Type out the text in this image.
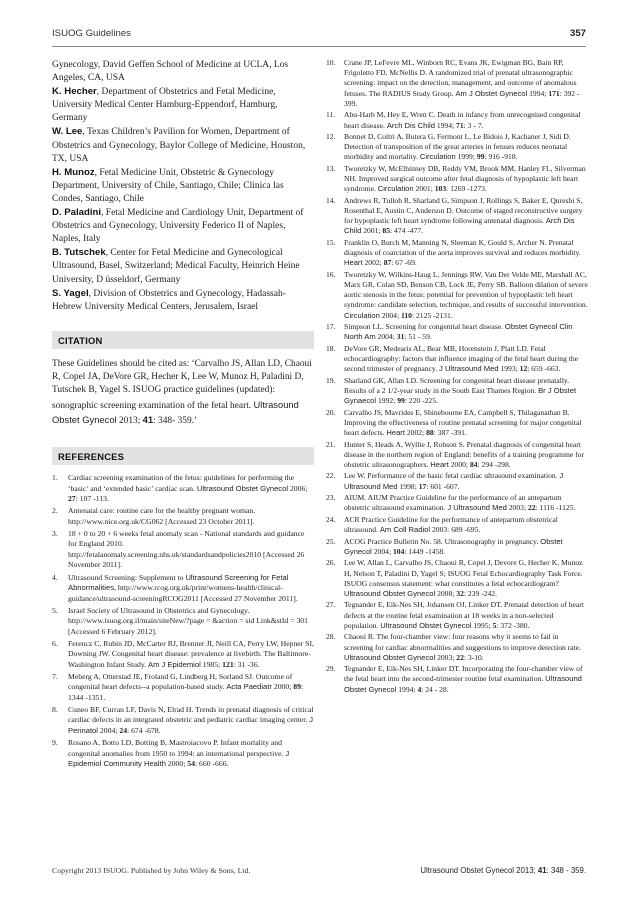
ISUOG Guidelines	357

Gynecology, David Geffen School of Medicine at UCLA, Los Angeles, CA, USA

K. Hecher, Department of Obstetrics and Fetal Medicine, University Medical Center Hamburg-Eppendorf, Hamburg, Germany

W. Lee, Texas Children’s Pavilion for Women, Department of Obstetrics and Gynecology, Baylor College of Medicine, Houston, TX, USA

H. Munoz, Fetal Medicine Unit, Obstetric & Gynecology Department, University of Chile, Santiago, Chile; Clinica las Condes, Santiago, Chile

D. Paladini, Fetal Medicine and Cardiology Unit, Department of Obstetrics and Gynecology, University Federico II of Naples, Naples, Italy

B. Tutschek, Center for Fetal Medicine and Gynecological Ultrasound, Basel, Switzerland; Medical Faculty, Heinrich Heine University, D üsseldorf, Germany

S. Yagel, Division of Obstetrics and Gynecology, Hadassah-Hebrew University Medical Centers, Jerusalem, Israel

CITATION

These Guidelines should be cited as: ‘Carvalho JS, Allan LD, Chaoui R, Copel JA, DeVore GR, Hecher K, Lee W, Munoz H, Paladini D, Tutschek B, Yagel S. ISUOG practice guidelines (updated): sonographic screening examination of the fetal heart. Ultrasound Obstet Gynecol 2013; 41: 348- 359.’

REFERENCES
1.	Cardiac screening examination of the fetus: guidelines for performing the ‘basic’ and ‘extended basic’ cardiac scan. Ultrasound Obstet Gynecol 2006; 27: 107 -113.
2.	Antenatal care: routine care for the healthy pregnant woman. http://www.nice.org.uk/CG062 [Accessed 23 October 2011].
3.	18 + 0 to 20 + 6 weeks fetal anomaly scan - National standards and guidance for England 2010. http://fetalanomaly.screening.nhs.uk/standardsandpolicies2010 [Accessed 26 November 2011].
4.	Ultrasound Screening: Supplement to Ultrasound Screening for Fetal Abnormalities, http://www.rcog.org.uk/print/womens-health/clinical-guidance/ultrasound-screeningRCOG2011 [Accessed 27 November 2011].
5.	Israel Society of Ultrasound in Obstetrics and Gynecology. http://www.isuog.org.il/main/siteNew/?page = &action = sid Link&stId = 301 [Accessed 6 February 2012].
6.	Ferencz C, Rubin JD, McCarter RJ, Brenner JI, Neill CA, Perry LW, Hepner SI, Downing JW. Congenital heart disease: prevalence at livebirth. The Baltimore-Washington Infant Study. Am J Epidemiol 1985; 121: 31 -36.
7.	Meberg A, Otterstad JE, Froland G, Lindberg H, Sorland SJ. Outcome of congenital heart defects--a population-based study. Acta Paediatr 2000; 89: 1344 -1351.
8.	Cuneo BF, Curran LF, Davis N, Elrad H. Trends in prenatal diagnosis of critical cardiac defects in an integrated obstetric and pediatric cardiac imaging center. J Perinatol 2004; 24: 674 -678.
9.	Rosano A, Botto LD, Botting B, Mastroiacovo P. Infant mortality and congenital anomalies from 1950 to 1994: an international perspective. J Epidemiol Community Health 2000; 54: 660 -666.
10.	Crane JP, LeFevre ML, Winborn RC, Evans JK, Ewigman BG, Bain RP, Frigoletto FD, McNellis D. A randomized trial of prenatal ultrasonographic screening: impact on the detection, management, and outcome of anomalous fetuses. The RADIUS Study Group. Am J Obstet Gynecol 1994; 171: 392 - 399.
11.	Abu-Harb M, Hey E, Wren C. Death in infancy from unrecognised congenital heart disease. Arch Dis Child 1994; 71: 3 - 7.
12.	Bonnet D, Coltri A, Butera G, Fermont L, Le Bidois J, Kachaner J, Sidi D. Detection of transposition of the great arteries in fetuses reduces neonatal morbidity and mortality. Circulation 1999; 99: 916 -918.
13.	Tworetzky W, McElhinney DB, Reddy VM, Brook MM, Hanley FL, Silverman NH. Improved surgical outcome after fetal diagnosis of hypoplastic left heart syndrome. Circulation 2001; 103: 1269 -1273.
14.	Andrews R, Tulloh R, Sharland G, Simpson J, Rollings S, Baker E, Qureshi S, Rosenthal E, Austin C, Anderson D. Outcome of staged reconstructive surgery for hypoplastic left heart syndrome following antenatal diagnosis. Arch Dis Child 2001; 85: 474 -477.
15.	Franklin O, Burch M, Manning N, Sleeman K, Gould S, Archer N. Prenatal diagnosis of coarctation of the aorta improves survival and reduces morbidity. Heart 2002; 87: 67 -69.
16.	Tworetzky W, Wilkins-Haug L, Jennings RW, Van Der Velde ME, Marshall AC, Marx GR, Colan SD, Benson CB, Lock JE, Perry SB. Balloon dilation of severe aortic stenosis in the fetus: potential for prevention of hypoplastic left heart syndrome: candidate selection, technique, and results of successful intervention. Circulation 2004; 110: 2125 -2131.
17.	Simpson LL. Screening for congenital heart disease. Obstet Gynecol Clin North Am 2004; 31: 51 - 59.
18.	DeVore GR, Medearis AL, Bear MB, Horenstein J, Platt LD. Fetal echocardiography: factors that influence imaging of the fetal heart during the second trimester of pregnancy. J Ultrasound Med 1993; 12: 659 -663.
19.	Sharland GK, Allan LD. Screening for congenital heart disease prenatally. Results of a 2 1/2-year study in the South East Thames Region. Br J Obstet Gynaecol 1992; 99: 220 -225.
20.	Carvalho JS, Mavrides E, Shinebourne EA, Campbell S, Thilaganathan B. Improving the effectiveness of routine prenatal screening for major congenital heart defects. Heart 2002; 88: 387 -391.
21.	Hunter S, Heads A, Wyllie J, Robson S. Prenatal diagnosis of congenital heart disease in the northern region of England: benefits of a training programme for obstetric ultrasonographers. Heart 2000; 84: 294 -298.
22.	Lee W. Performance of the basic fetal cardiac ultrasound examination. J Ultrasound Med 1998; 17: 601 -607.
23.	AIUM. AIUM Practice Guideline for the performance of an antepartum obstetric ultrasound examination. J Ultrasound Med 2003; 22: 1116 -1125.
24.	ACR Practice Guideline for the performance of antepartum obstetrical ultrasound. Am Coll Radiol 2003: 689 -695.
25.	ACOG Practice Bulletin No. 58. Ultrasonography in pregnancy. Obstet Gynecol 2004; 104: 1449 -1458.
26.	Lee W, Allan L, Carvalho JS, Chaoui R, Copel J, Devore G, Hecher K, Munoz H, Nelson T, Paladini D, Yagel S; ISUOG Fetal Echocardiography Task Force. ISUOG consensus statement: what constitutes a fetal echocardiogram? Ultrasound Obstet Gynecol 2008; 32: 239 -242.
27.	Tegnander E, Eik-Nes SH, Johansen OJ, Linker DT. Prenatal detection of heart defects at the routine fetal examination at 18 weeks in a non-selected population. Ultrasound Obstet Gynecol 1995; 5: 372 -380.
28.	Chaoui R. The four-chamber view: four reasons why it seems to fail in screening for cardiac abnormalities and suggestions to improve detection rate. Ultrasound Obstet Gynecol 2003; 22: 3-10.
29.	Tegnander E, Eik-Nes SH, Linker DT. Incorporating the four-chamber view of the fetal heart into the second-trimester routine fetal examination. Ultrasound Obstet Gynecol 1994; 4: 24 - 28.
Copyright 2013 ISUOG. Published by John Wiley & Sons, Ltd.	Ultrasound Obstet Gynecol 2013; 41: 348 - 359.
